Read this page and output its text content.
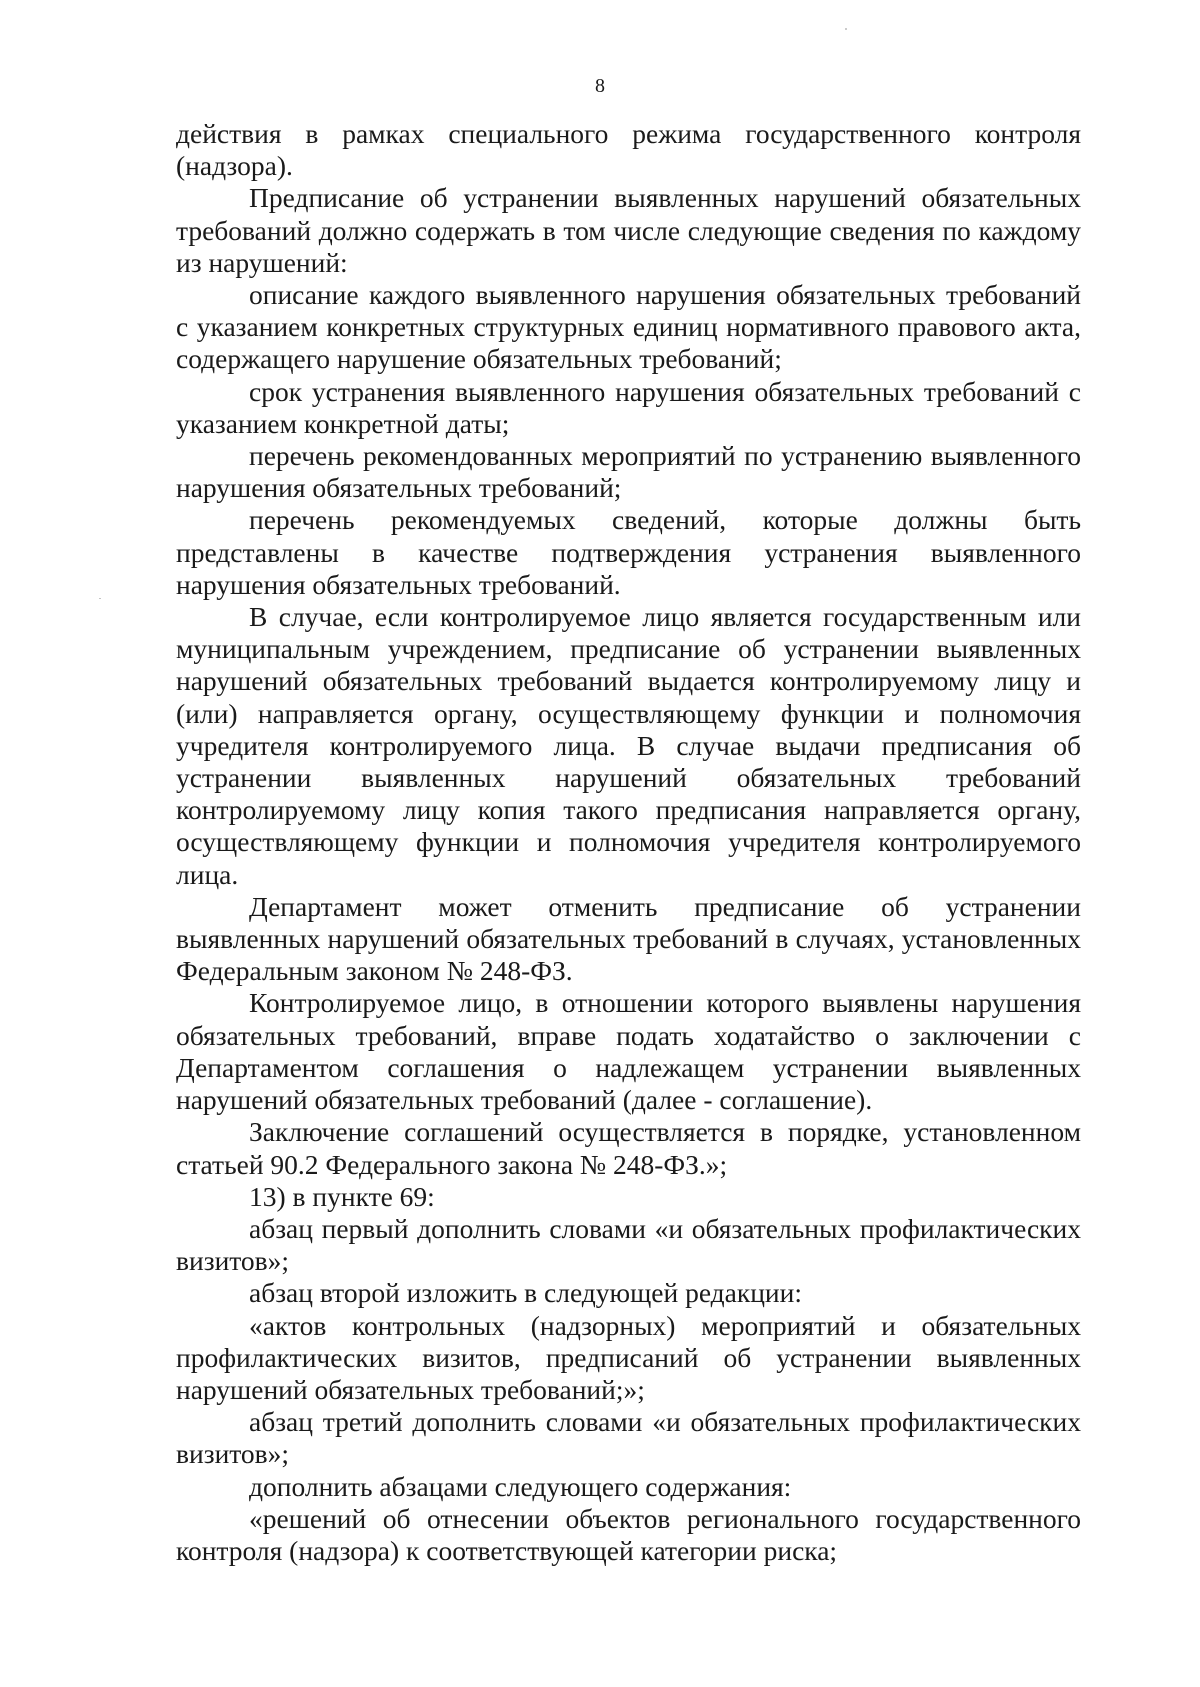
8

действия в рамках специального режима государственного контроля (надзора).

Предписание об устранении выявленных нарушений обязательных требований должно содержать в том числе следующие сведения по каждому из нарушений:

описание каждого выявленного нарушения обязательных требований с указанием конкретных структурных единиц нормативного правового акта, содержащего нарушение обязательных требований;

срок устранения выявленного нарушения обязательных требований с указанием конкретной даты;

перечень рекомендованных мероприятий по устранению выявленного нарушения обязательных требований;

перечень рекомендуемых сведений, которые должны быть представлены в качестве подтверждения устранения выявленного нарушения обязательных требований.

В случае, если контролируемое лицо является государственным или муниципальным учреждением, предписание об устранении выявленных нарушений обязательных требований выдается контролируемому лицу и (или) направляется органу, осуществляющему функции и полномочия учредителя контролируемого лица. В случае выдачи предписания об устранении выявленных нарушений обязательных требований контролируемому лицу копия такого предписания направляется органу, осуществляющему функции и полномочия учредителя контролируемого лица.

Департамент может отменить предписание об устранении выявленных нарушений обязательных требований в случаях, установленных Федеральным законом № 248-ФЗ.

Контролируемое лицо, в отношении которого выявлены нарушения обязательных требований, вправе подать ходатайство о заключении с Департаментом соглашения о надлежащем устранении выявленных нарушений обязательных требований (далее - соглашение).

Заключение соглашений осуществляется в порядке, установленном статьей 90.2 Федерального закона № 248-ФЗ.»;

13) в пункте 69:

абзац первый дополнить словами «и обязательных профилактических визитов»;

абзац второй изложить в следующей редакции:

«актов контрольных (надзорных) мероприятий и обязательных профилактических визитов, предписаний об устранении выявленных нарушений обязательных требований;»;

абзац третий дополнить словами «и обязательных профилактических визитов»;

дополнить абзацами следующего содержания:

«решений об отнесении объектов регионального государственного контроля (надзора) к соответствующей категории риска;
